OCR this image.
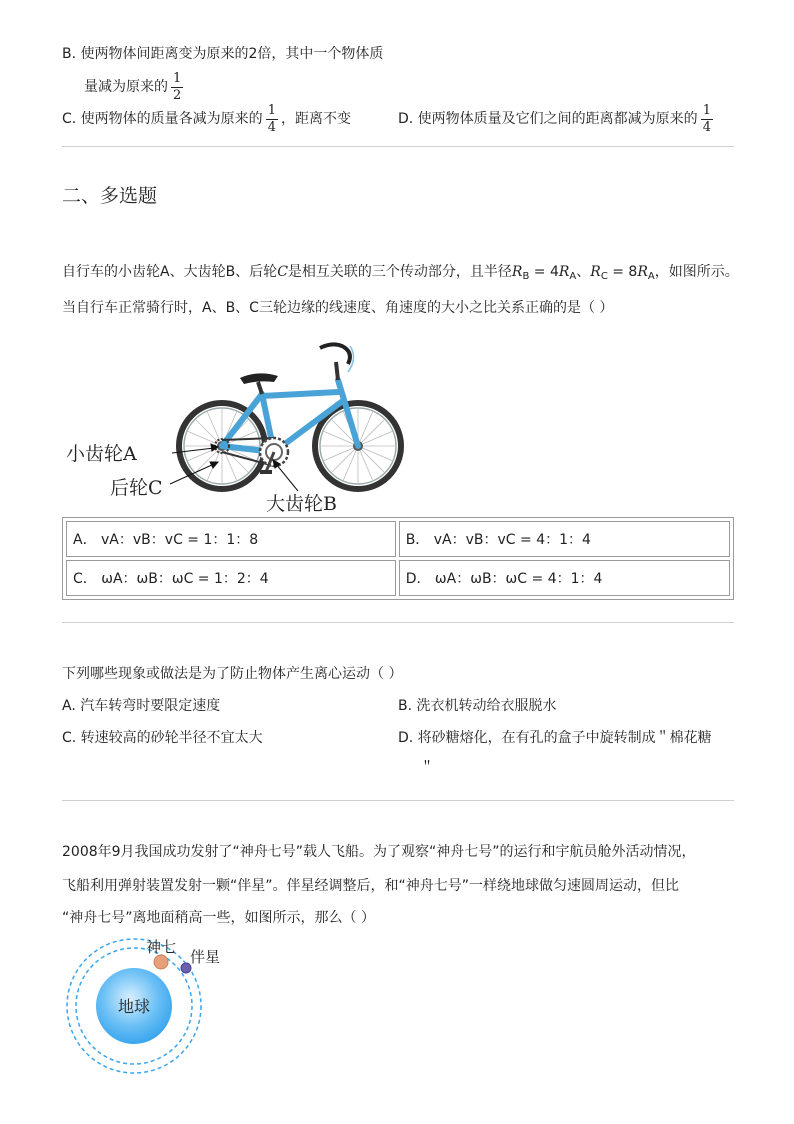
B. 使两物体间距离变为原来的2倍，其中一个物体质
量减为原来的 $\frac{1}{2}$
C. 使两物体的质量各减为原来的 $\frac{1}{4}$ ，距离不变	D. 使两物体质量及它们之间的距离都减为原来的 $\frac{1}{4}$
二、多选题
自行车的小齿轮A、大齿轮B、后轮C是相互关联的三个传动部分，且半径$R_B = 4R_A$、$R_C = 8R_A$，如图所示。
当自行车正常骑行时，A、B、C三轮边缘的线速度、角速度的大小之比关系正确的是（ ）
小齿轮A
后轮C
大齿轮B
A． vA：vB：vC = 1：1：8	B． vA：vB：vC = 4：1：4
C． ωA：ωB：ωC = 1：2：4	D． ωA：ωB：ωC = 4：1：4
下列哪些现象或做法是为了防止物体产生离心运动（ ）
A. 汽车转弯时要限定速度	B. 洗衣机转动给衣服脱水
C. 转速较高的砂轮半径不宜太大	D. 将砂糖熔化，在有孔的盒子中旋转制成＂棉花糖
＂
2008年9月我国成功发射了“神舟七号”载人飞船。为了观察“神舟七号”的运行和宇航员舱外活动情况，
飞船利用弹射装置发射一颗“伴星”。伴星经调整后，和“神舟七号”一样绕地球做匀速圆周运动，但比
“神舟七号”离地面稍高一些，如图所示，那么（ ）
地球
神七
伴星
